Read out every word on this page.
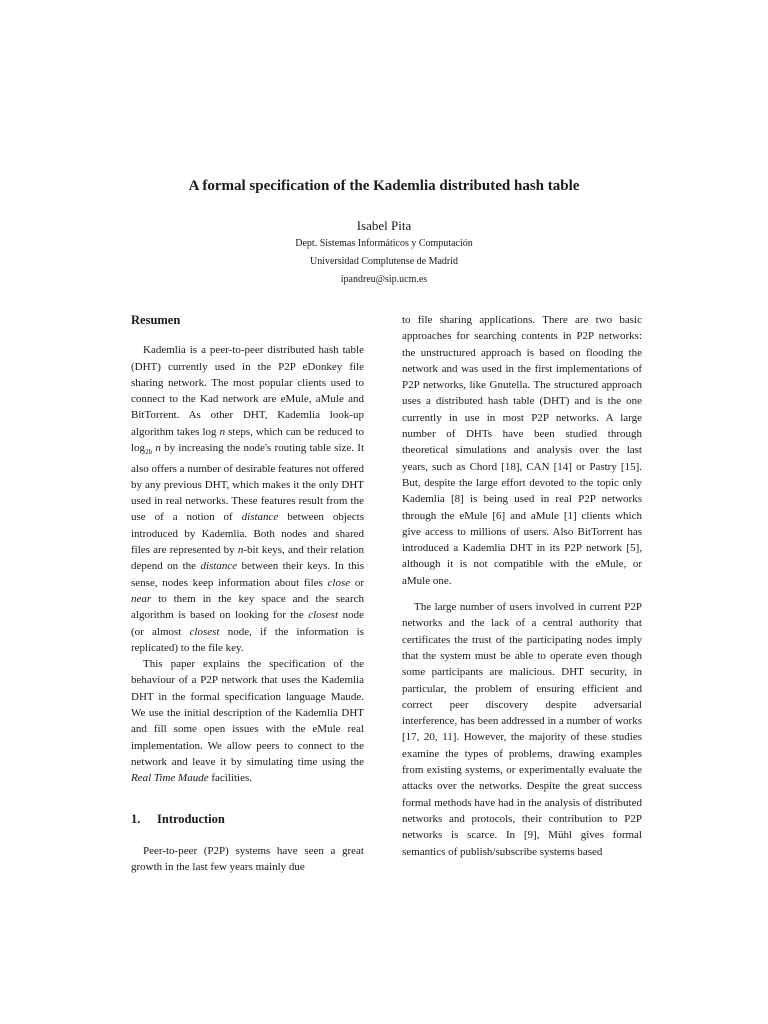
A formal specification of the Kademlia distributed hash table
Isabel Pita
Dept. Sistemas Informáticos y Computación
Universidad Complutense de Madrid
ipandreu@sip.ucm.es
Resumen

Kademlia is a peer-to-peer distributed hash table (DHT) currently used in the P2P eDonkey file sharing network. The most popular clients used to connect to the Kad network are eMule, aMule and BitTorrent. As other DHT, Kademlia look-up algorithm takes log n steps, which can be reduced to $\log_{2b} n$ by increasing the node's routing table size. It also offers a number of desirable features not offered by any previous DHT, which makes it the only DHT used in real networks. These features result from the use of a notion of distance between objects introduced by Kademlia. Both nodes and shared files are represented by n-bit keys, and their relation depend on the distance between their keys. In this sense, nodes keep information about files close or near to them in the key space and the search algorithm is based on looking for the closest node (or almost closest node, if the information is replicated) to the file key.

This paper explains the specification of the behaviour of a P2P network that uses the Kademlia DHT in the formal specification language Maude. We use the initial description of the Kademlia DHT and fill some open issues with the eMule real implementation. We allow peers to connect to the network and leave it by simulating time using the Real Time Maude facilities.

1. Introduction

Peer-to-peer (P2P) systems have seen a great growth in the last few years mainly due

to file sharing applications. There are two basic approaches for searching contents in P2P networks: the unstructured approach is based on flooding the network and was used in the first implementations of P2P networks, like Gnutella. The structured approach uses a distributed hash table (DHT) and is the one currently in use in most P2P networks. A large number of DHTs have been studied through theoretical simulations and analysis over the last years, such as Chord [18], CAN [14] or Pastry [15]. But, despite the large effort devoted to the topic only Kademlia [8] is being used in real P2P networks through the eMule [6] and aMule [1] clients which give access to millions of users. Also BitTorrent has introduced a Kademlia DHT in its P2P network [5], although it is not compatible with the eMule, or aMule one.

The large number of users involved in current P2P networks and the lack of a central authority that certificates the trust of the participating nodes imply that the system must be able to operate even though some participants are malicious. DHT security, in particular, the problem of ensuring efficient and correct peer discovery despite adversarial interference, has been addressed in a number of works [17, 20, 11]. However, the majority of these studies examine the types of problems, drawing examples from existing systems, or experimentally evaluate the attacks over the networks. Despite the great success formal methods have had in the analysis of distributed networks and protocols, their contribution to P2P networks is scarce. In [9], Mühl gives formal semantics of publish/subscribe systems based
